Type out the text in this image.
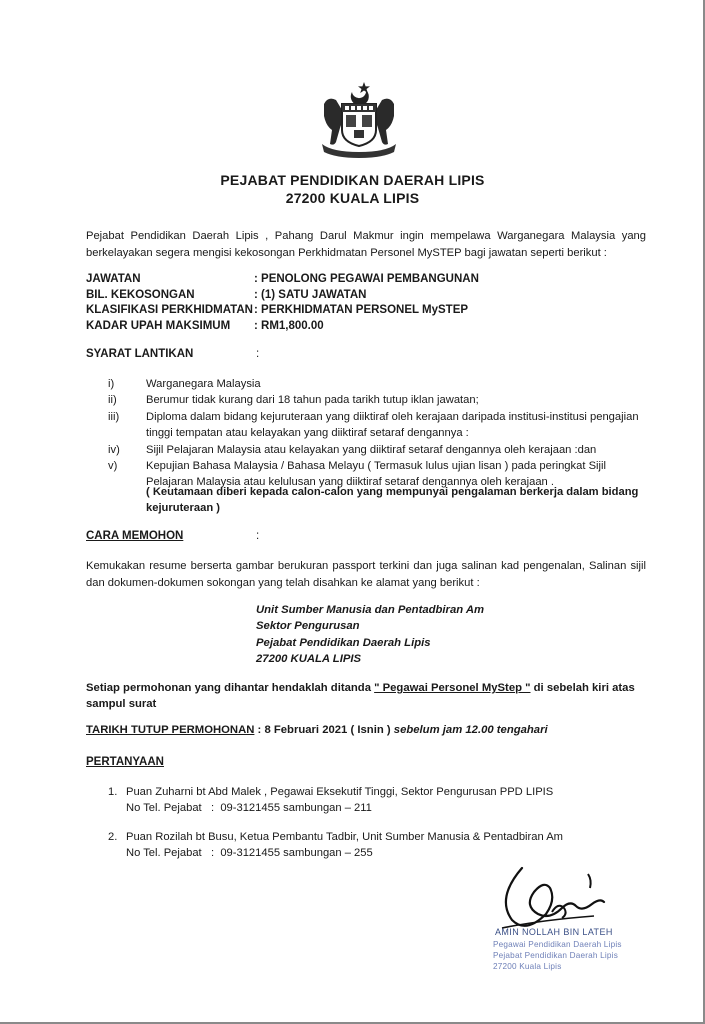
PEJABAT PENDIDIKAN DAERAH LIPIS
27200 KUALA LIPIS
Pejabat Pendidikan Daerah Lipis , Pahang Darul Makmur ingin mempelawa Warganegara Malaysia yang berkelayakan segera mengisi kekosongan Perkhidmatan Personel MySTEP bagi jawatan seperti berikut :
JAWATAN	: PENOLONG PEGAWAI PEMBANGUNAN
BIL. KEKOSONGAN	: (1) SATU JAWATAN
KLASIFIKASI PERKHIDMATAN : PERKHIDMATAN PERSONEL MySTEP
KADAR UPAH MAKSIMUM	: RM1,800.00
SYARAT LANTIKAN	:
i)	Warganegara Malaysia
ii)	Berumur tidak kurang dari 18 tahun pada tarikh tutup iklan jawatan;
iii)	Diploma dalam bidang kejuruteraan yang diiktiraf oleh kerajaan daripada institusi-institusi pengajian tinggi tempatan atau kelayakan yang diiktiraf setaraf dengannya :
iv)	Sijil Pelajaran Malaysia atau kelayakan yang diiktiraf setaraf dengannya oleh kerajaan :dan
v)	Kepujian Bahasa Malaysia / Bahasa Melayu ( Termasuk lulus ujian lisan ) pada peringkat Sijil Pelajaran Malaysia atau kelulusan yang diiktiraf setaraf dengannya oleh kerajaan .
( Keutamaan diberi kepada calon-calon yang mempunyai pengalaman berkerja dalam bidang kejuruteraan )
CARA MEMOHON	:
Kemukakan resume berserta gambar berukuran passport terkini dan juga salinan kad pengenalan, Salinan sijil dan dokumen-dokumen sokongan yang telah disahkan ke alamat yang berikut :
Unit Sumber Manusia dan Pentadbiran Am
Sektor Pengurusan
Pejabat Pendidikan Daerah Lipis
27200 KUALA LIPIS
Setiap permohonan yang dihantar hendaklah ditanda " Pegawai Personel MyStep " di sebelah kiri atas sampul surat
TARIKH TUTUP PERMOHONAN : 8 Februari 2021 ( Isnin ) sebelum jam 12.00 tengahari
PERTANYAAN
1. Puan Zuharni bt Abd Malek , Pegawai Eksekutif Tinggi, Sektor Pengurusan PPD LIPIS
No Tel. Pejabat   :  09-3121455 sambungan – 211
2. Puan Rozilah bt Busu, Ketua Pembantu Tadbir, Unit Sumber Manusia & Pentadbiran Am
No Tel. Pejabat   :  09-3121455 sambungan – 255
AMIN NOLLAH BIN LATEH
Pegawai Pendidikan Daerah Lipis
Pejabat Pendidikan Daerah Lipis
27200 Kuala Lipis
